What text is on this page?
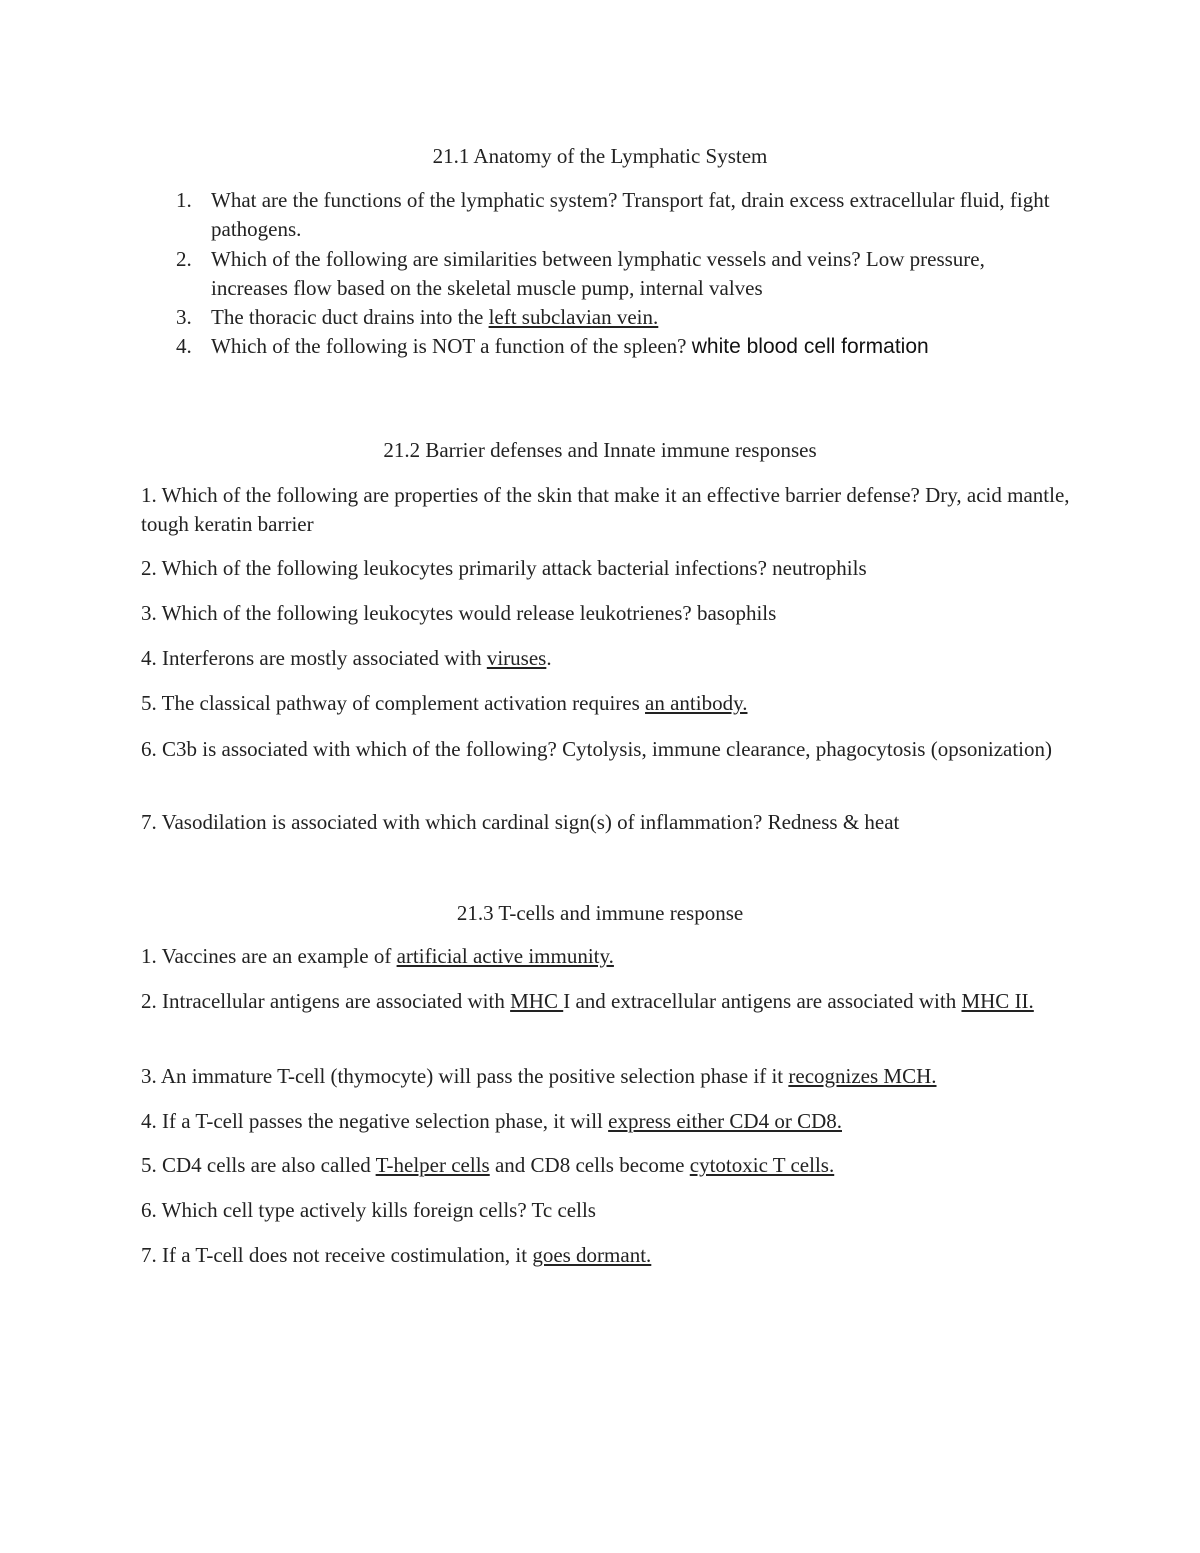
21.1 Anatomy of the Lymphatic System
1. What are the functions of the lymphatic system? Transport fat, drain excess extracellular fluid, fight pathogens.
2. Which of the following are similarities between lymphatic vessels and veins? Low pressure, increases flow based on the skeletal muscle pump, internal valves
3. The thoracic duct drains into the left subclavian vein.
4. Which of the following is NOT a function of the spleen? white blood cell formation
21.2 Barrier defenses and Innate immune responses
1. Which of the following are properties of the skin that make it an effective barrier defense? Dry, acid mantle, tough keratin barrier
2. Which of the following leukocytes primarily attack bacterial infections? neutrophils
3. Which of the following leukocytes would release leukotrienes? basophils
4. Interferons are mostly associated with viruses.
5. The classical pathway of complement activation requires an antibody.
6. C3b is associated with which of the following? Cytolysis, immune clearance, phagocytosis (opsonization)
7. Vasodilation is associated with which cardinal sign(s) of inflammation? Redness & heat
21.3 T-cells and immune response
1. Vaccines are an example of artificial active immunity.
2. Intracellular antigens are associated with MHC I and extracellular antigens are associated with MHC II.
3. An immature T-cell (thymocyte) will pass the positive selection phase if it recognizes MCH.
4. If a T-cell passes the negative selection phase, it will express either CD4 or CD8.
5. CD4 cells are also called T-helper cells and CD8 cells become cytotoxic T cells.
6. Which cell type actively kills foreign cells? Tc cells
7. If a T-cell does not receive costimulation, it goes dormant.
